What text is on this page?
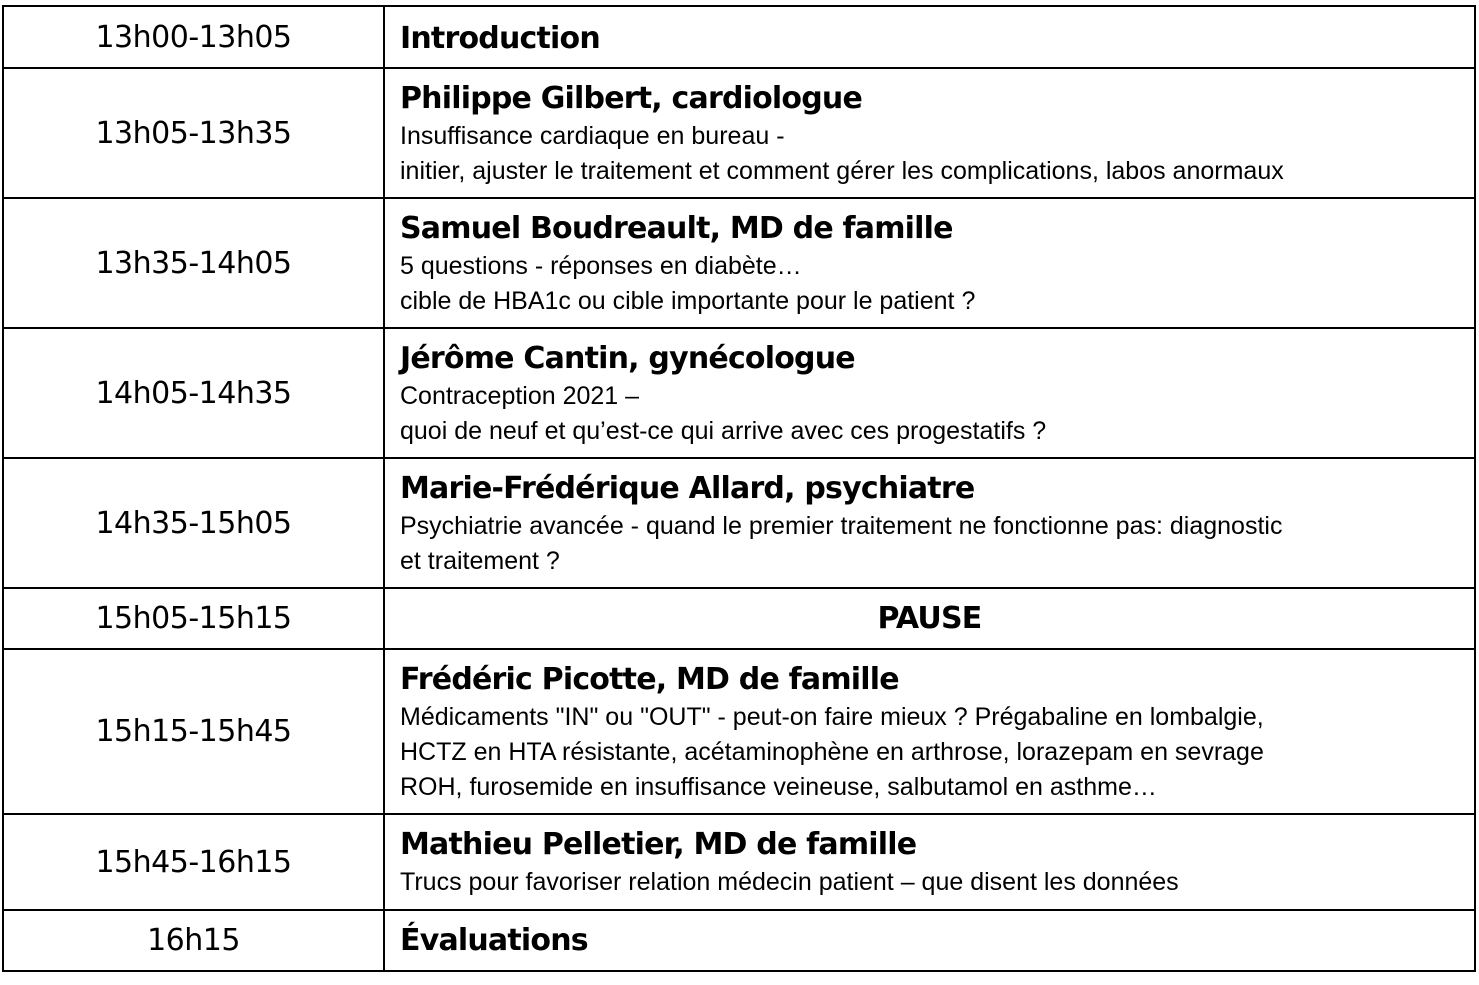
13h00-13h05	Introduction

13h05-13h35	Philippe Gilbert, cardiologue
Insuffisance cardiaque en bureau -
initier, ajuster le traitement et comment gérer les complications, labos anormaux

13h35-14h05	Samuel Boudreault, MD de famille
5 questions - réponses en diabète…
cible de HBA1c ou cible importante pour le patient ?

14h05-14h35	Jérôme Cantin, gynécologue
Contraception 2021 –
quoi de neuf et qu’est-ce qui arrive avec ces progestatifs ?

14h35-15h05	Marie-Frédérique Allard, psychiatre
Psychiatrie avancée - quand le premier traitement ne fonctionne pas: diagnostic
et traitement ?

15h05-15h15	PAUSE
15h15-15h45	Frédéric Picotte, MD de famille
Médicaments "IN" ou "OUT" - peut-on faire mieux ? Prégabaline en lombalgie,
HCTZ en HTA résistante, acétaminophène en arthrose, lorazepam en sevrage
ROH, furosemide en insuffisance veineuse, salbutamol en asthme…

15h45-16h15	Mathieu Pelletier, MD de famille
Trucs pour favoriser relation médecin patient – que disent les données

16h15	Évaluations
